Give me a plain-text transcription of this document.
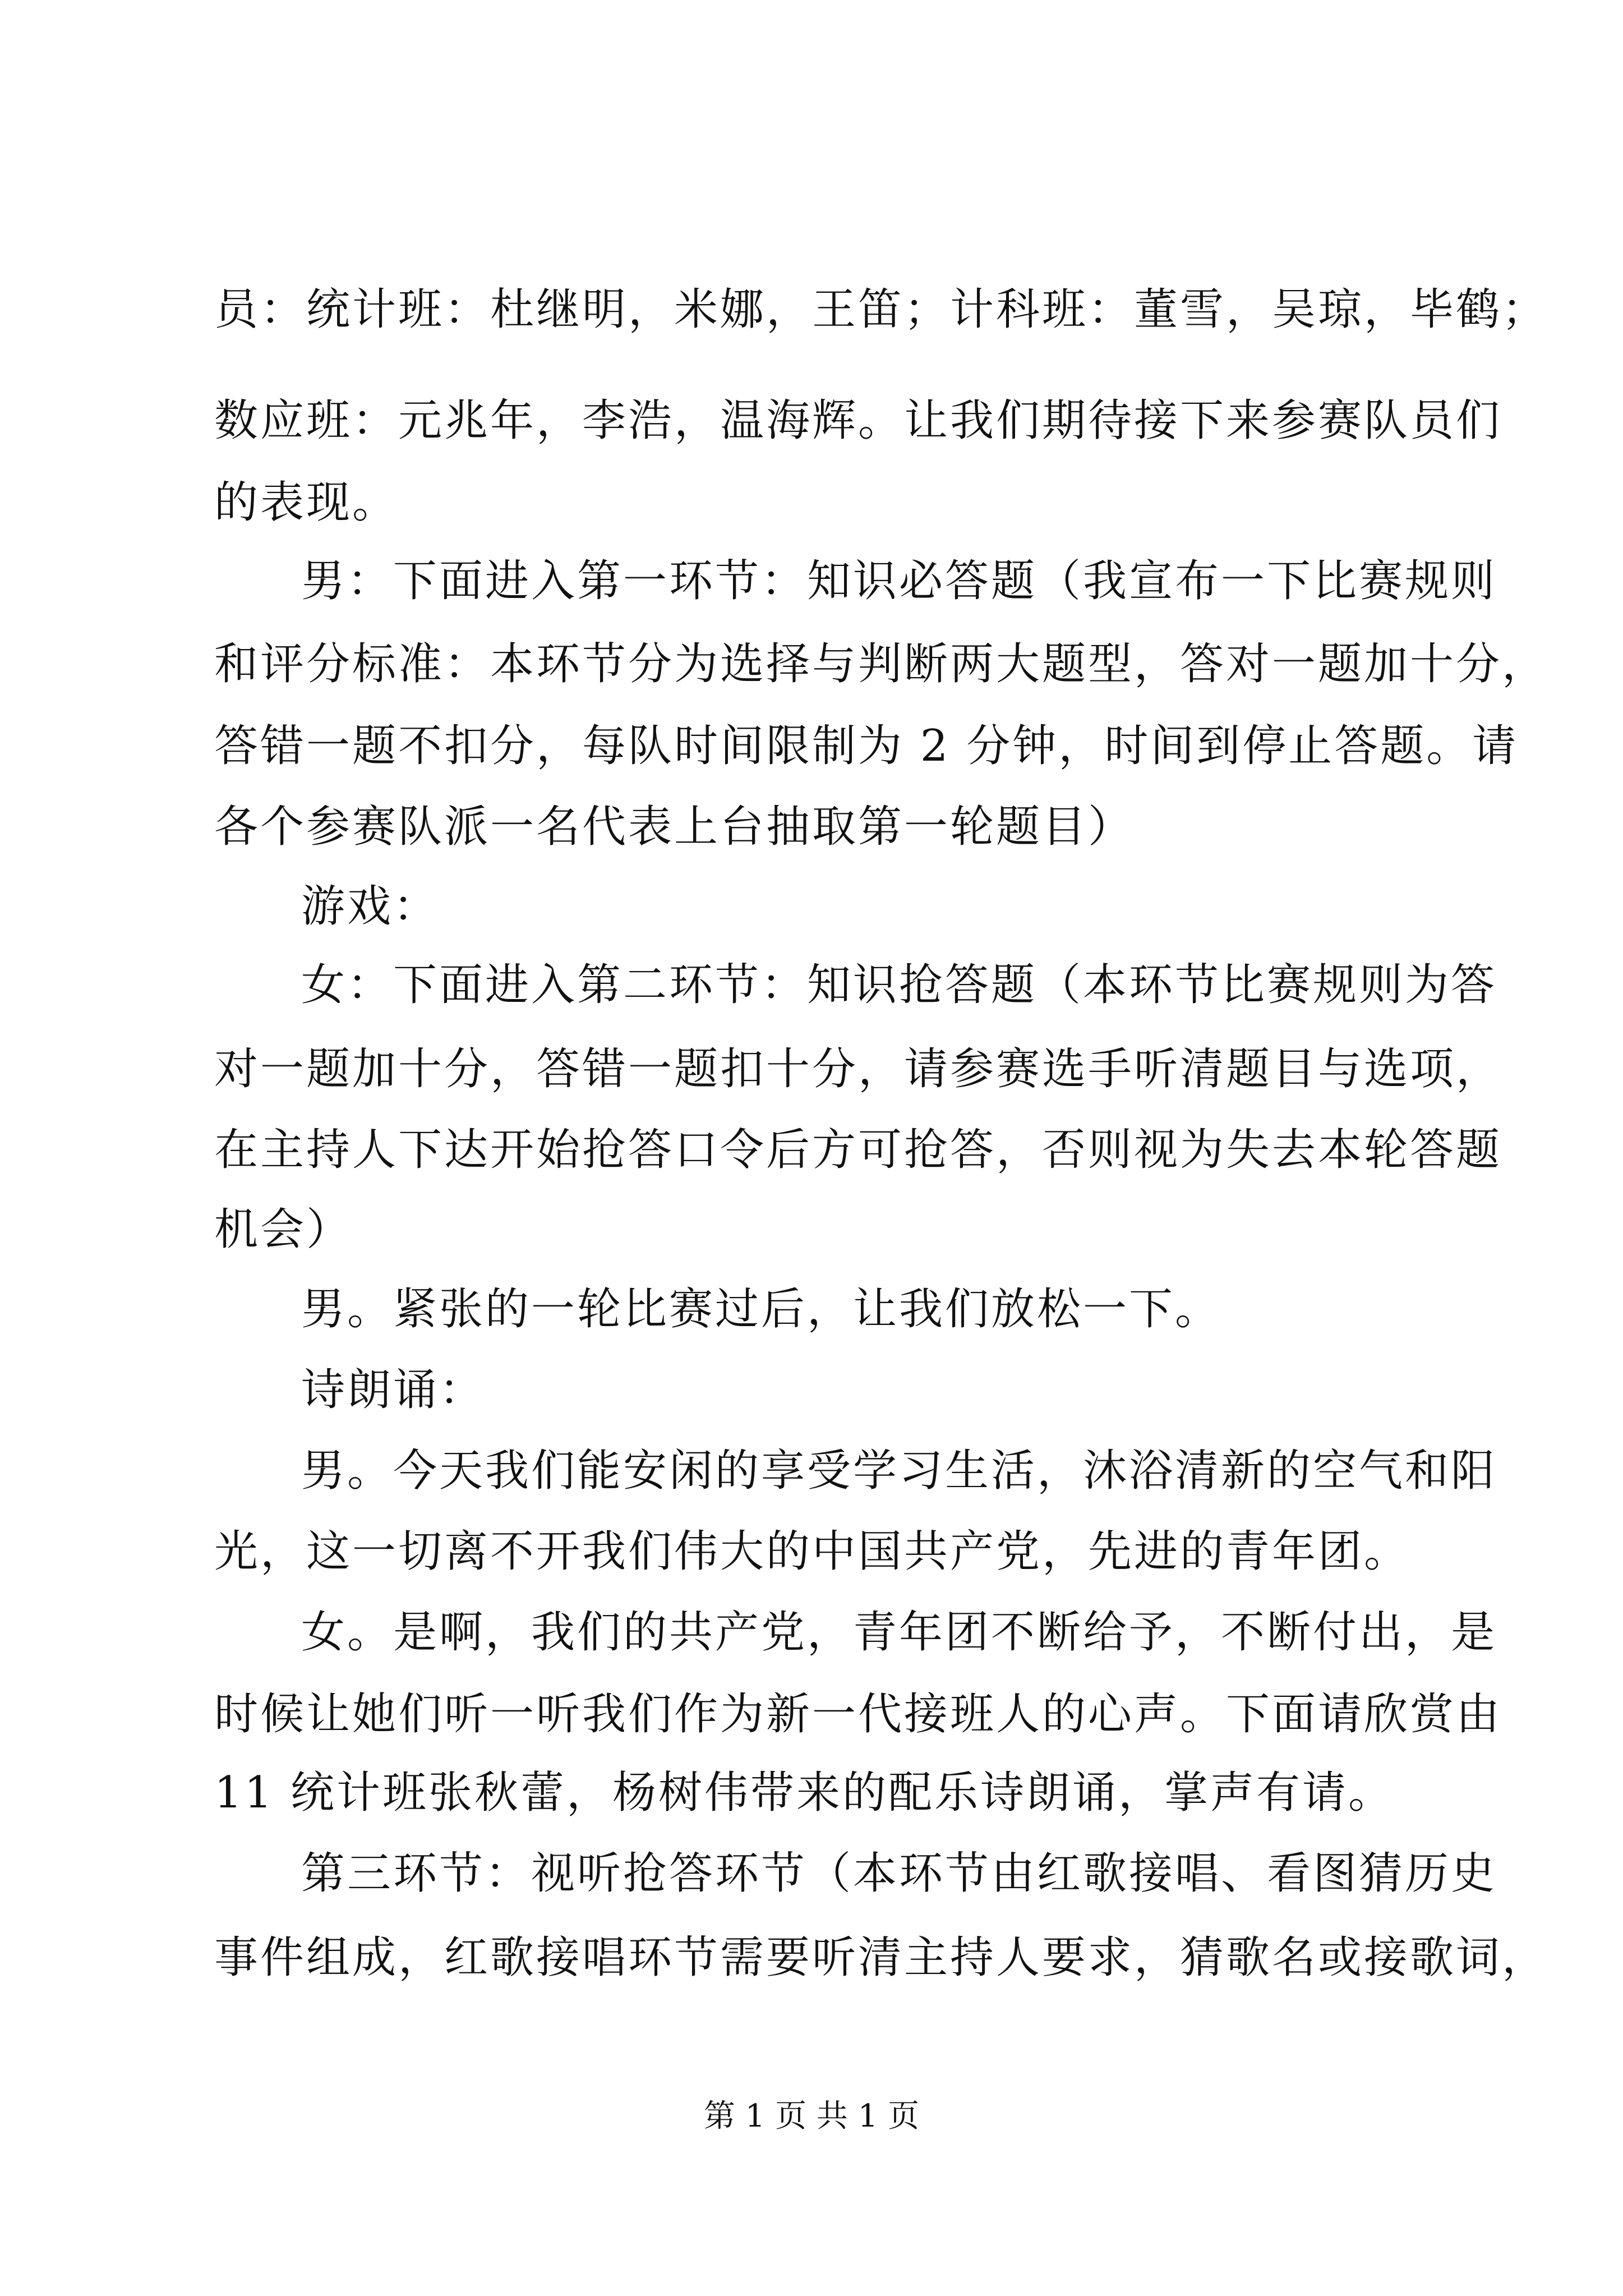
员：统计班：杜继明，米娜，王笛；计科班：董雪，吴琼，毕鹤；
数应班：元兆年，李浩，温海辉。让我们期待接下来参赛队员们
的表现。
男：下面进入第一环节：知识必答题（我宣布一下比赛规则
和评分标准：本环节分为选择与判断两大题型，答对一题加十分，
答错一题不扣分，每队时间限制为 2 分钟，时间到停止答题。请
各个参赛队派一名代表上台抽取第一轮题目）
游戏：
女：下面进入第二环节：知识抢答题（本环节比赛规则为答
对一题加十分，答错一题扣十分，请参赛选手听清题目与选项，
在主持人下达开始抢答口令后方可抢答，否则视为失去本轮答题
机会）
男。紧张的一轮比赛过后，让我们放松一下。
诗朗诵：
男。今天我们能安闲的享受学习生活，沐浴清新的空气和阳
光，这一切离不开我们伟大的中国共产党，先进的青年团。
女。是啊，我们的共产党，青年团不断给予，不断付出，是
时候让她们听一听我们作为新一代接班人的心声。下面请欣赏由
11 统计班张秋蕾，杨树伟带来的配乐诗朗诵，掌声有请。
第三环节：视听抢答环节（本环节由红歌接唱、看图猜历史
事件组成，红歌接唱环节需要听清主持人要求，猜歌名或接歌词，
第 1 页 共 1 页
